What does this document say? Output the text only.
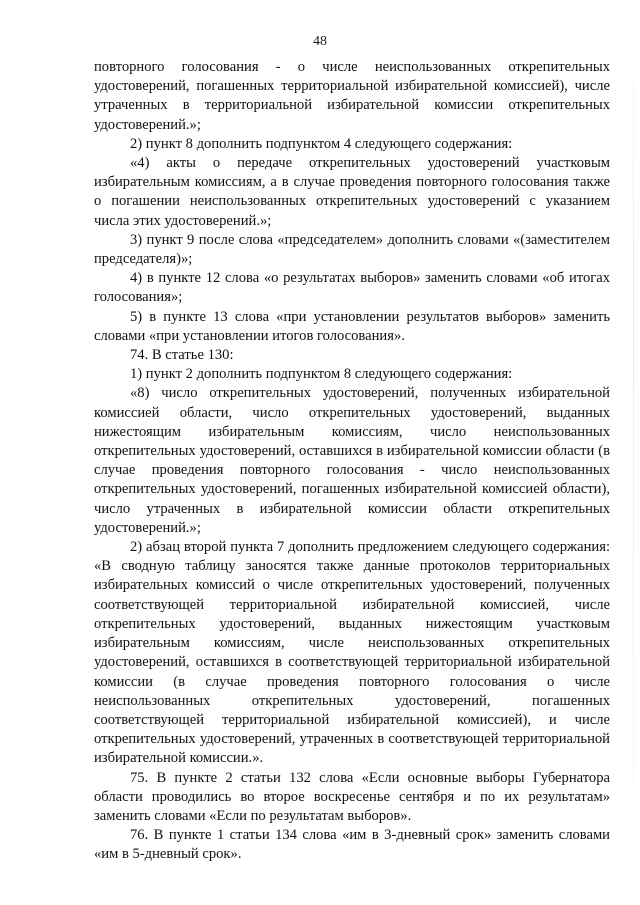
48

повторного голосования - о числе неиспользованных открепительных удостоверений, погашенных территориальной избирательной комиссией), числе утраченных в территориальной избирательной комиссии открепительных удостоверений.»;

2) пункт 8 дополнить подпунктом 4 следующего содержания:

«4) акты о передаче открепительных удостоверений участковым избирательным комиссиям, а в случае проведения повторного голосования также о погашении неиспользованных открепительных удостоверений с указанием числа этих удостоверений.»;

3) пункт 9 после слова «председателем» дополнить словами «(заместителем председателя)»;

4) в пункте 12 слова «о результатах выборов» заменить словами «об итогах голосования»;

5) в пункте 13 слова «при установлении результатов выборов» заменить словами «при установлении итогов голосования».

74. В статье 130:

1) пункт 2 дополнить подпунктом 8 следующего содержания:

«8) число открепительных удостоверений, полученных избирательной комиссией области, число открепительных удостоверений, выданных нижестоящим избирательным комиссиям, число неиспользованных открепительных удостоверений, оставшихся в избирательной комиссии области (в случае проведения повторного голосования - число неиспользованных открепительных удостоверений, погашенных избирательной комиссией области), число утраченных в избирательной комиссии области открепительных удостоверений.»;

2) абзац второй пункта 7 дополнить предложением следующего содержания: «В сводную таблицу заносятся также данные протоколов территориальных избирательных комиссий о числе открепительных удостоверений, полученных соответствующей территориальной избирательной комиссией, числе открепительных удостоверений, выданных нижестоящим участковым избирательным комиссиям, числе неиспользованных открепительных удостоверений, оставшихся в соответствующей территориальной избирательной комиссии (в случае проведения повторного голосования о числе неиспользованных открепительных удостоверений, погашенных соответствующей территориальной избирательной комиссией), и числе открепительных удостоверений, утраченных в соответствующей территориальной избирательной комиссии.».

75. В пункте 2 статьи 132 слова «Если основные выборы Губернатора области проводились во второе воскресенье сентября и по их результатам» заменить словами «Если по результатам выборов».

76. В пункте 1 статьи 134 слова «им в 3-дневный срок» заменить словами «им в 5-дневный срок».
